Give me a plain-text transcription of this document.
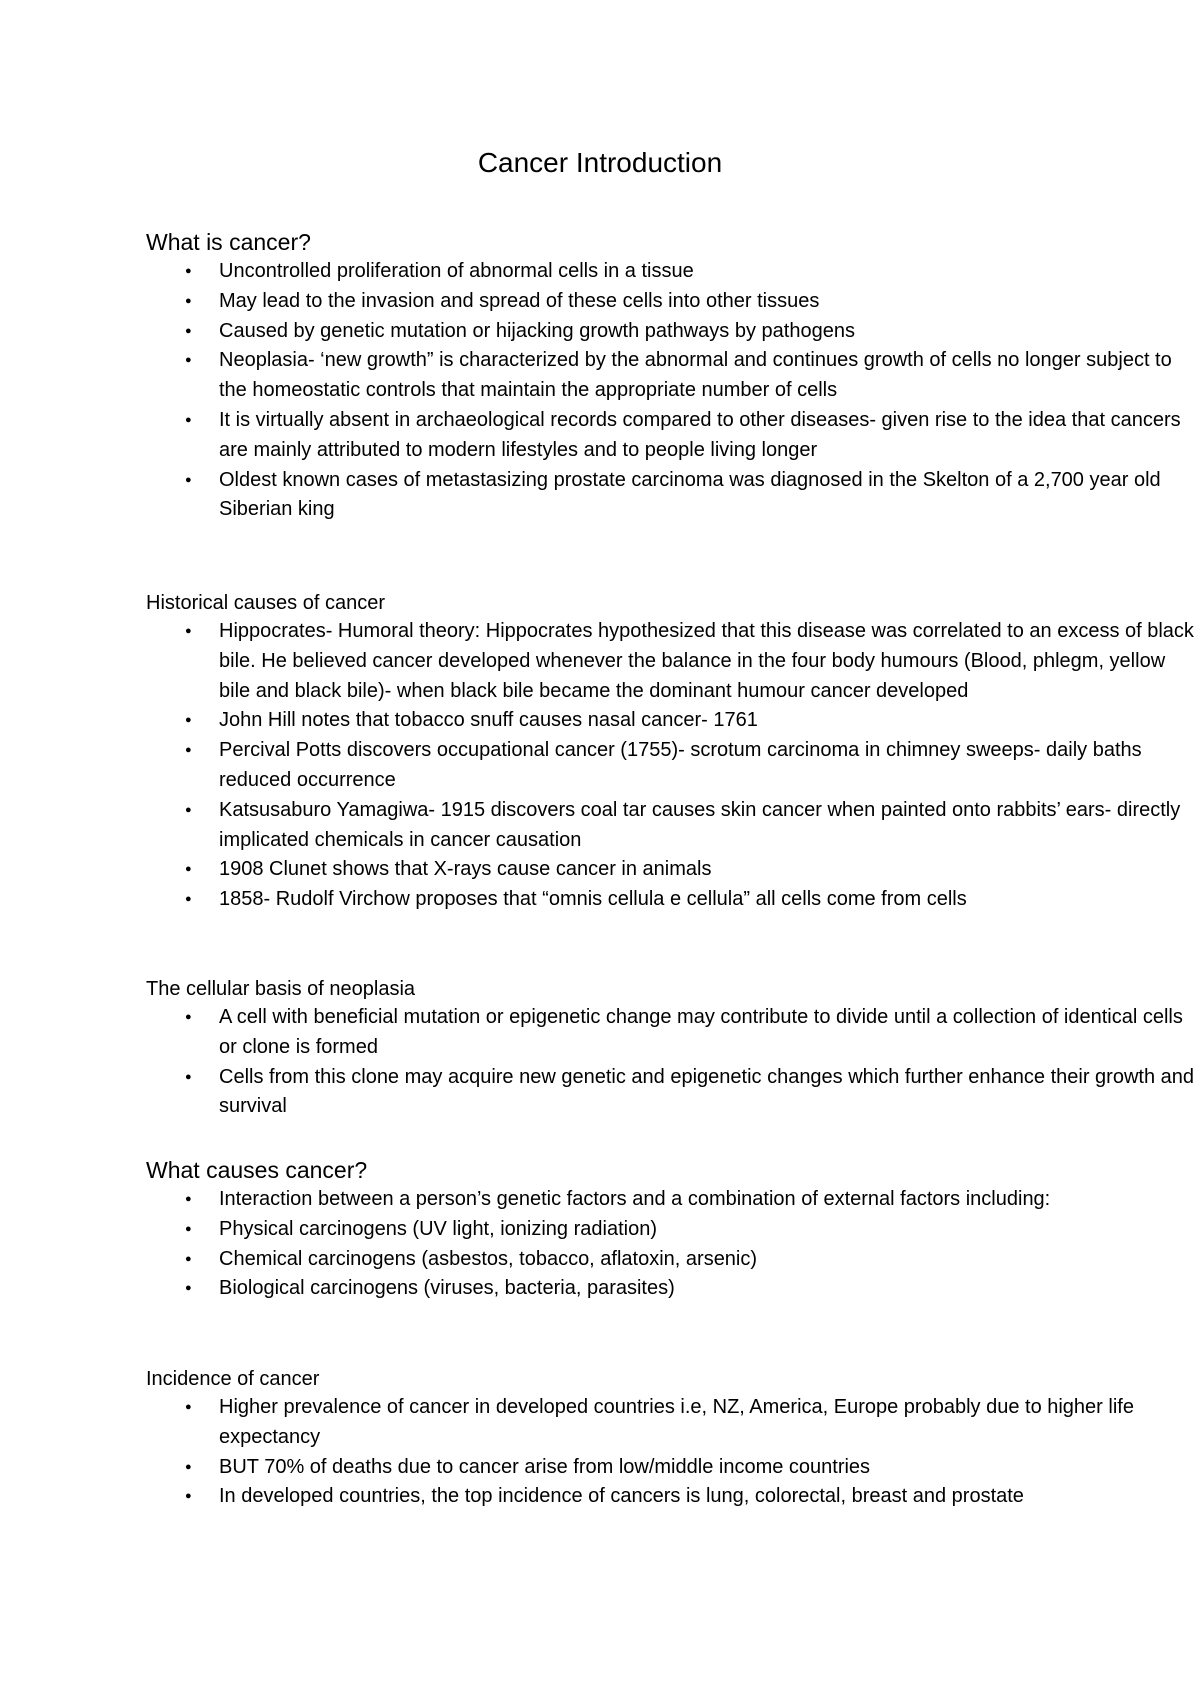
Cancer Introduction
What is cancer?
● Uncontrolled proliferation of abnormal cells in a tissue
● May lead to the invasion and spread of these cells into other tissues
● Caused by genetic mutation or hijacking growth pathways by pathogens
● Neoplasia- ‘new growth” is characterized by the abnormal and continues growth of cells no longer subject to the homeostatic controls that maintain the appropriate number of cells
● It is virtually absent in archaeological records compared to other diseases- given rise to the idea that cancers are mainly attributed to modern lifestyles and to people living longer
● Oldest known cases of metastasizing prostate carcinoma was diagnosed in the Skelton of a 2,700 year old Siberian king
Historical causes of cancer
● Hippocrates- Humoral theory: Hippocrates hypothesized that this disease was correlated to an excess of black bile. He believed cancer developed whenever the balance in the four body humours (Blood, phlegm, yellow bile and black bile)- when black bile became the dominant humour cancer developed
● John Hill notes that tobacco snuff causes nasal cancer- 1761
● Percival Potts discovers occupational cancer (1755)- scrotum carcinoma in chimney sweeps- daily baths reduced occurrence
● Katsusaburo Yamagiwa- 1915 discovers coal tar causes skin cancer when painted onto rabbits’ ears- directly implicated chemicals in cancer causation
● 1908 Clunet shows that X-rays cause cancer in animals
● 1858- Rudolf Virchow proposes that “omnis cellula e cellula” all cells come from cells
The cellular basis of neoplasia
● A cell with beneficial mutation or epigenetic change may contribute to divide until a collection of identical cells or clone is formed
● Cells from this clone may acquire new genetic and epigenetic changes which further enhance their growth and survival
What causes cancer?
● Interaction between a person’s genetic factors and a combination of external factors including:
● Physical carcinogens (UV light, ionizing radiation)
● Chemical carcinogens (asbestos, tobacco, aflatoxin, arsenic)
● Biological carcinogens (viruses, bacteria, parasites)
Incidence of cancer
● Higher prevalence of cancer in developed countries i.e, NZ, America, Europe probably due to higher life expectancy
● BUT 70% of deaths due to cancer arise from low/middle income countries
● In developed countries, the top incidence of cancers is lung, colorectal, breast and prostate
